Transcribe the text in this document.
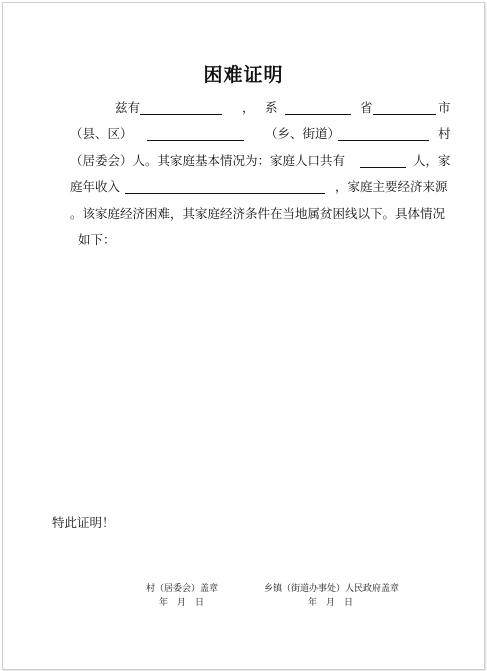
困难证明
兹有	， 系	省	市
（县、区）	（乡、街道）	村
（居委会）人。其家庭基本情况为：家庭人口共有	人，家
庭年收入	，家庭主要经济来源
。该家庭经济困难，其家庭经济条件在当地属贫困线以下。具体情况
如下：
特此证明！
村（居委会）盖章
年　月　日
乡镇（街道办事处）人民政府盖章
年　月　日
